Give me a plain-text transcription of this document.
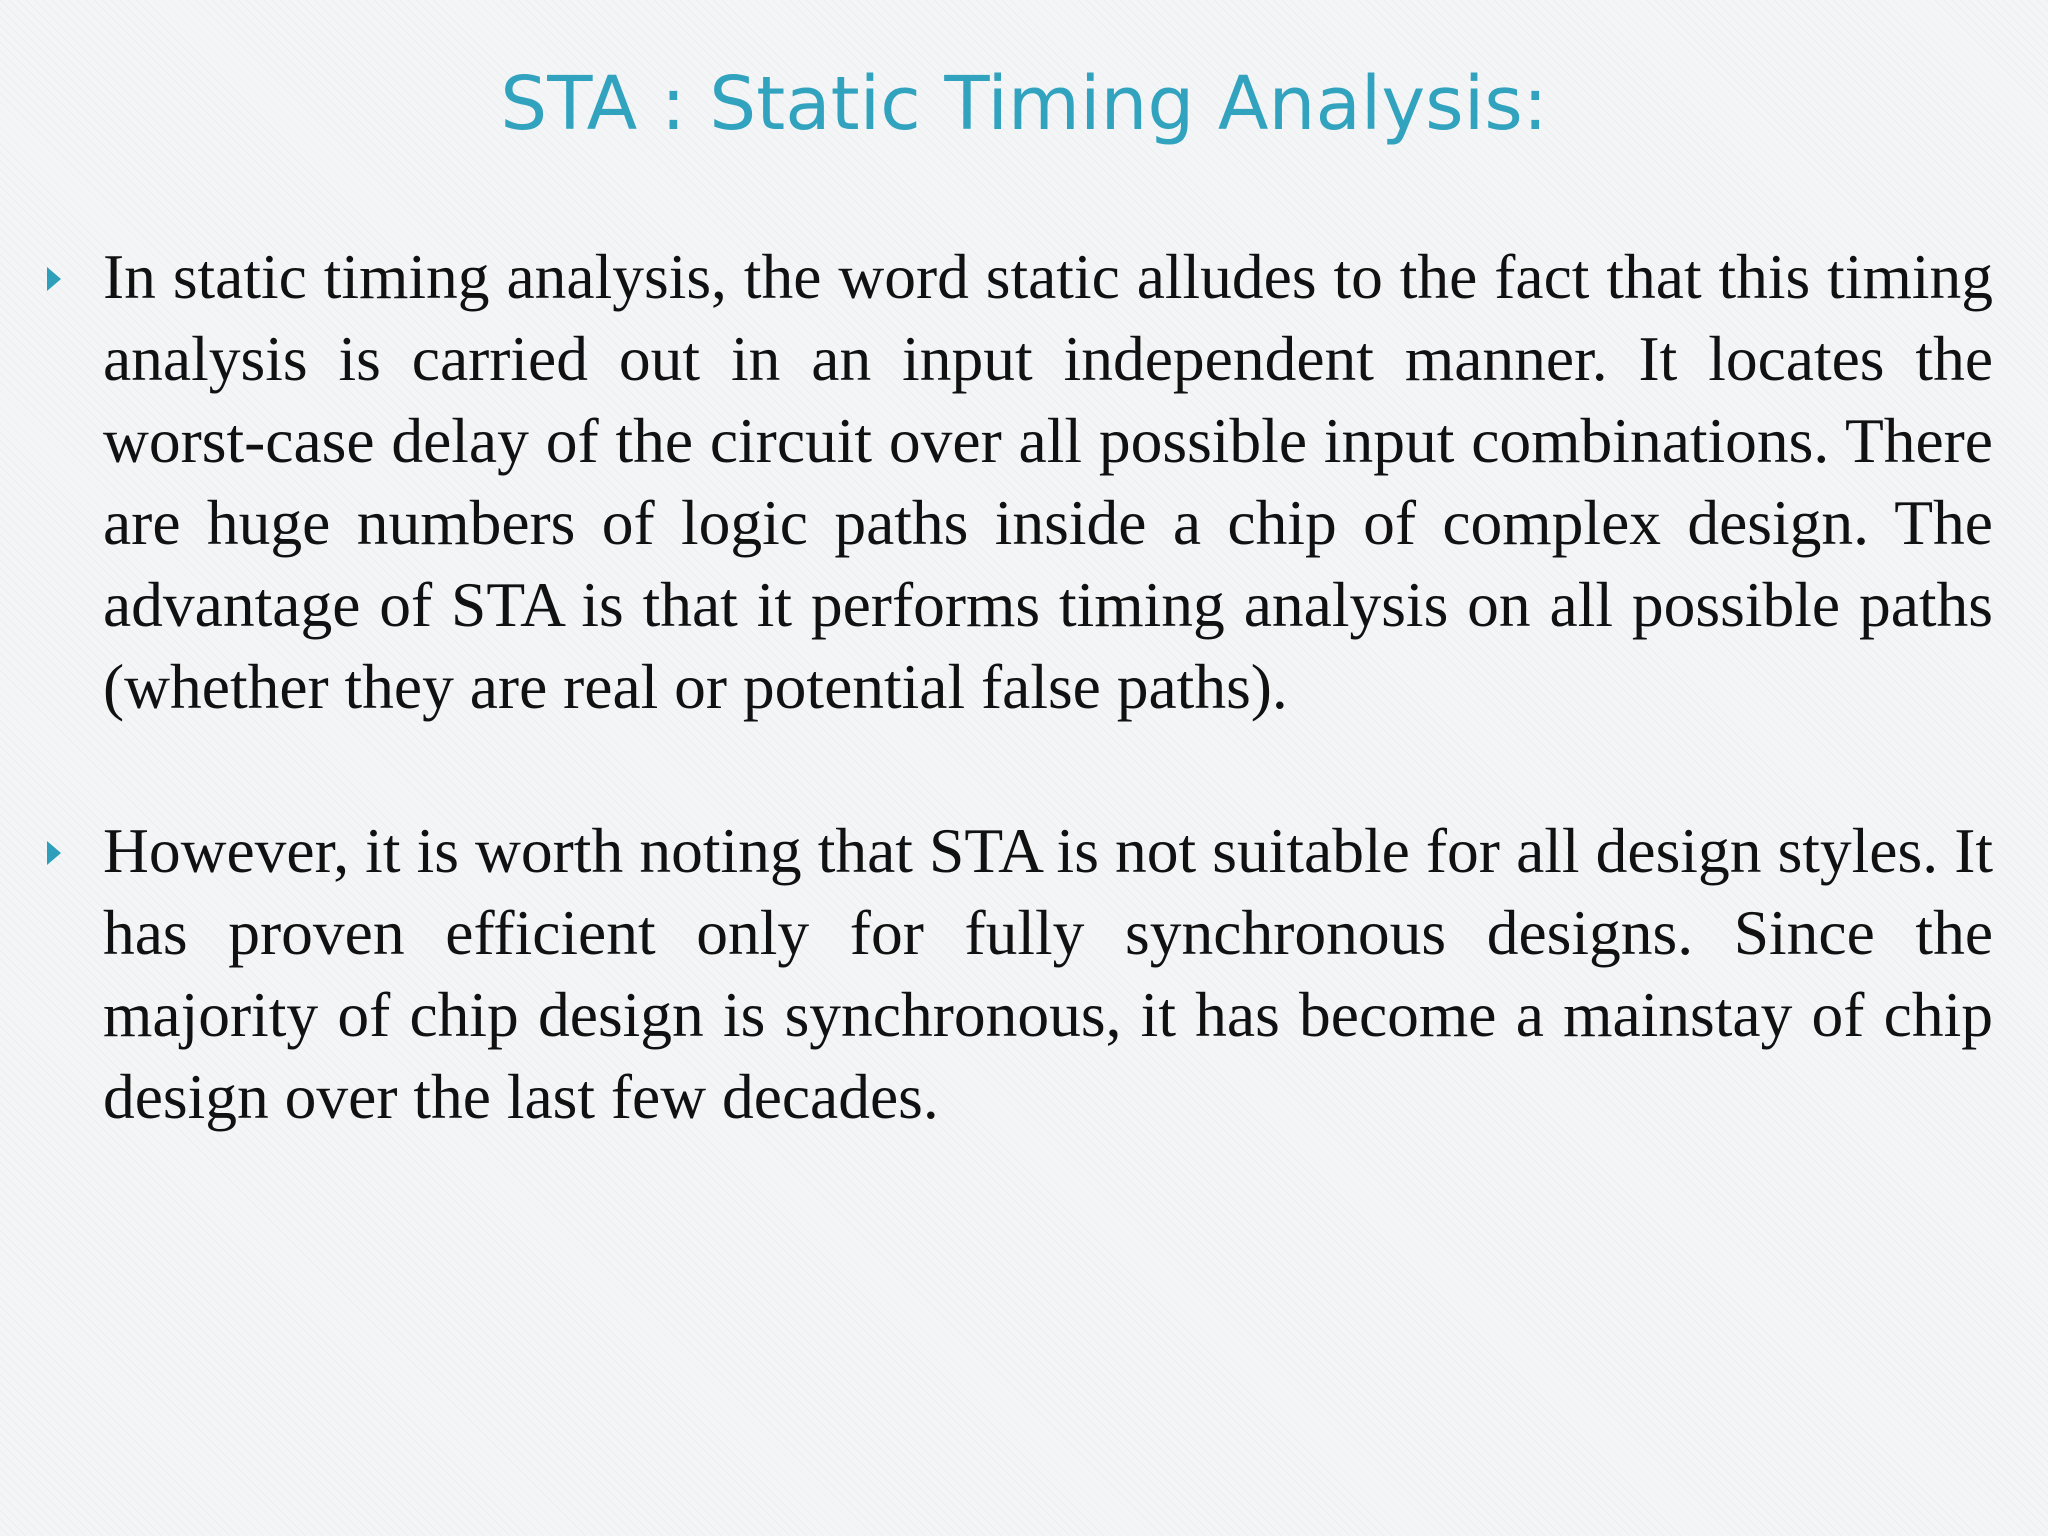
STA : Static Timing Analysis:

In static timing analysis, the word static alludes to the fact that this timing analysis is carried out in an input independent manner. It locates the worst-case delay of the circuit over all possible input combinations. There are huge numbers of logic paths inside a chip of complex design. The advantage of STA is that it performs timing analysis on all possible paths (whether they are real or potential false paths).

However, it is worth noting that STA is not suitable for all design styles. It has proven efficient only for fully synchronous designs. Since the majority of chip design is synchronous, it has become a mainstay of chip design over the last few decades.
